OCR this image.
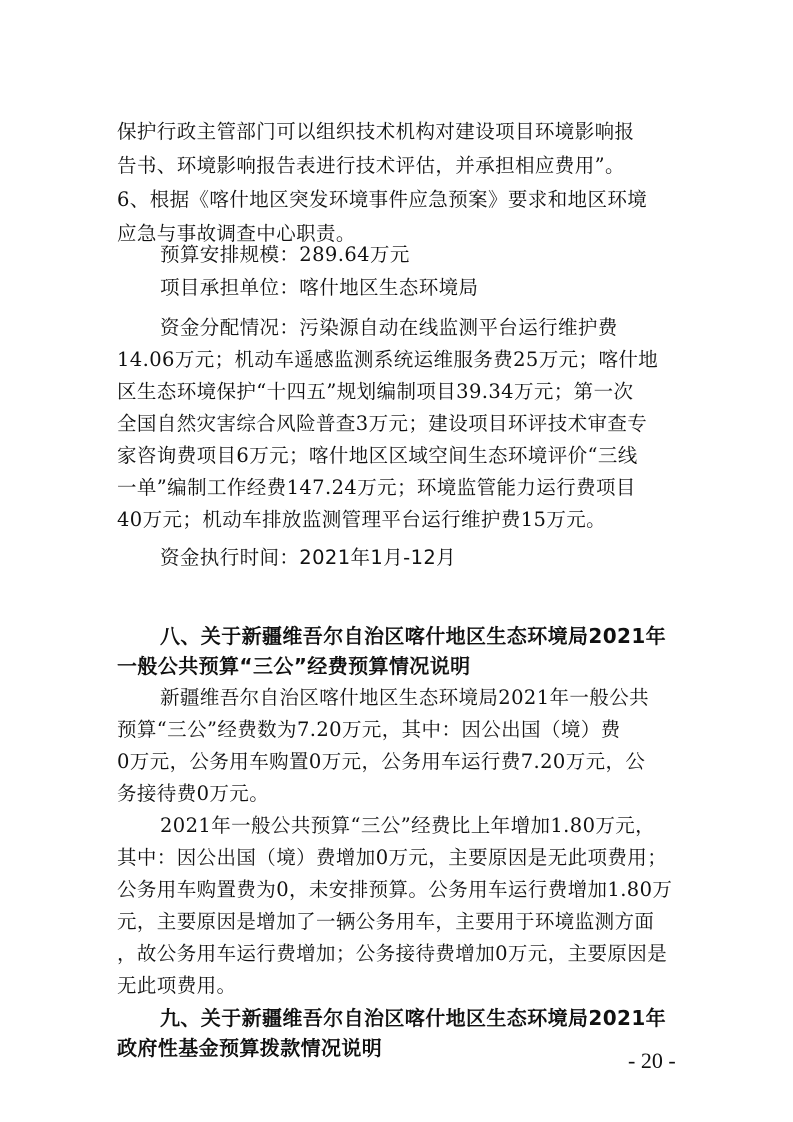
保护行政主管部门可以组织技术机构对建设项目环境影响报
告书、环境影响报告表进行技术评估，并承担相应费用”。
6、根据《喀什地区突发环境事件应急预案》要求和地区环境
应急与事故调查中心职责。
预算安排规模：289.64万元
项目承担单位：喀什地区生态环境局
资金分配情况：污染源自动在线监测平台运行维护费
14.06万元；机动车遥感监测系统运维服务费25万元；喀什地
区生态环境保护“十四五”规划编制项目39.34万元；第一次
全国自然灾害综合风险普查3万元；建设项目环评技术审查专
家咨询费项目6万元；喀什地区区域空间生态环境评价“三线
一单”编制工作经费147.24万元；环境监管能力运行费项目
40万元；机动车排放监测管理平台运行维护费15万元。
资金执行时间：2021年1月-12月
八、关于新疆维吾尔自治区喀什地区生态环境局2021年
一般公共预算“三公”经费预算情况说明
新疆维吾尔自治区喀什地区生态环境局2021年一般公共
预算“三公”经费数为7.20万元，其中：因公出国（境）费
0万元，公务用车购置0万元，公务用车运行费7.20万元，公
务接待费0万元。
2021年一般公共预算“三公”经费比上年增加1.80万元，
其中：因公出国（境）费增加0万元，主要原因是无此项费用；
公务用车购置费为0，未安排预算。公务用车运行费增加1.80万
元，主要原因是增加了一辆公务用车，主要用于环境监测方面
，故公务用车运行费增加；公务接待费增加0万元，主要原因是
无此项费用。
九、关于新疆维吾尔自治区喀什地区生态环境局2021年
政府性基金预算拨款情况说明	- 20 -
